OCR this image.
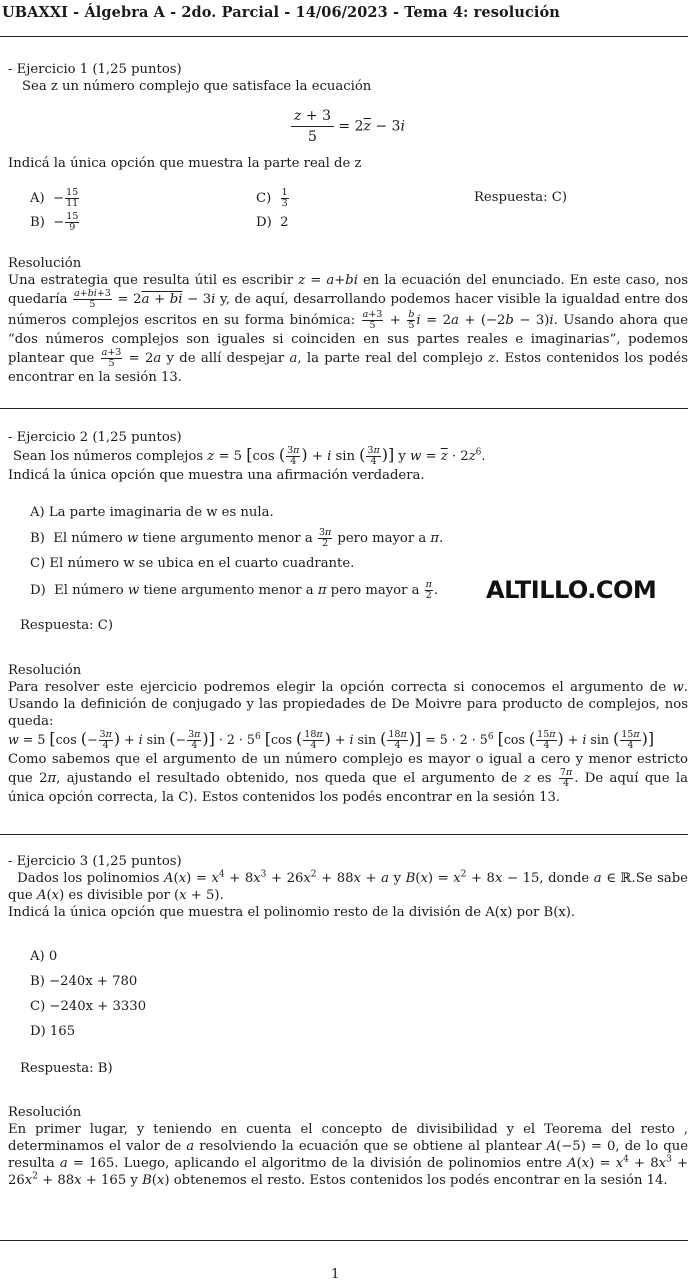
UBAXXI - Álgebra A - 2do. Parcial - 14/06/2023 - Tema 4: resolución
- Ejercicio 1 (1,25 puntos)
Sea z un número complejo que satisface la ecuación
$\frac{z + 3}{5} = 2\overline{z} - 3i$
Indicá la única opción que muestra la parte real de z
$A) - \frac{15}{11}$
$B) - \frac{15}{9}$
$C) \frac{1}{3}$
D) 2
Respuesta: C)
Resolución
Una estrategia que resulta útil es escribir z = a+bi en la ecuación del enunciado. En este caso, nos quedaría $\frac{a+bi+3}{5} = 2a$ + bi − 3i y, de aquí, desarrollando podemos hacer visible la igualdad entre dos números complejos escritos en su forma binómica: $\frac{a+3}{5} + \frac{b}{5}$ i = 2a + (−2b − 3)i. Usando ahora que “dos números complejos son iguales si coinciden en sus partes reales e imaginarias”, podemos plantear que $\frac{a+3}{5} = 2a$ y de allí despejar a, la parte real del complejo z. Estos contenidos los podés encontrar en la sesión 13.
- Ejercicio 2 (1,25 puntos)
Sean los números complejos z = 5 [cos ( $\frac{3\pi}{4}$ ) + i sin ( $\frac{3\pi}{4}$ )] y $w = \overline{z} \cdot 2z^6$.
Indicá la única opción que muestra una afirmación verdadera.
A) La parte imaginaria de w es nula.
B)  El número w tiene argumento menor a $\frac{3\pi}{2}$ pero mayor a π.
C) El número w se ubica en el cuarto cuadrante.
D)  El número w tiene argumento menor a π pero mayor a $\frac{\pi}{2}$ . ALTILLO.COM
Respuesta: C)
Resolución
Para resolver este ejercicio podremos elegir la opción correcta si conocemos el argumento de w. Usando la definición de conjugado y las propiedades de De Moivre para producto de complejos, nos queda:
w = 5 [cos (− $\frac{3\pi}{4}$ ) + i sin (− $\frac{3\pi}{4}$ )] · $2 \cdot 5^6$ [cos ( $\frac{18\pi}{4}$ ) + i sin ( $\frac{18\pi}{4}$ )] = $5 \cdot 2 \cdot 5^6$ [cos ( $\frac{15\pi}{4}$ ) + i sin ( $\frac{15\pi}{4}$ )]
Como sabemos que el argumento de un número complejo es mayor o igual a cero y menor estricto que 2π, ajustando el resultado obtenido, nos queda que el argumento de z es $\frac{7\pi}{4}$ . De aquí que la única opción correcta, la C). Estos contenidos los podés encontrar en la sesión 13.
- Ejercicio 3 (1,25 puntos)
Dados los polinomios $A(x) = x^4 + 8x^3 + 26x^2 + 88x + a$ y $B(x) = x^2 + 8x - 15$, donde a ∈ ℝ.Se sabe que A(x) es divisible por (x + 5).
Indicá la única opción que muestra el polinomio resto de la división de A(x) por B(x).
A) 0
B) −240x + 780
C) −240x + 3330
D) 165
Respuesta: B)
Resolución
En primer lugar, y teniendo en cuenta el concepto de divisibilidad y el Teorema del resto , determinamos el valor de a resolviendo la ecuación que se obtiene al plantear A(−5) = 0, de lo que resulta a = 165. Luego, aplicando el algoritmo de la división de polinomios entre $A(x) = x^4 + 8x^3 + 26x^2 + 88x + 165$ y B(x) obtenemos el resto. Estos contenidos los podés encontrar en la sesión 14.
1
